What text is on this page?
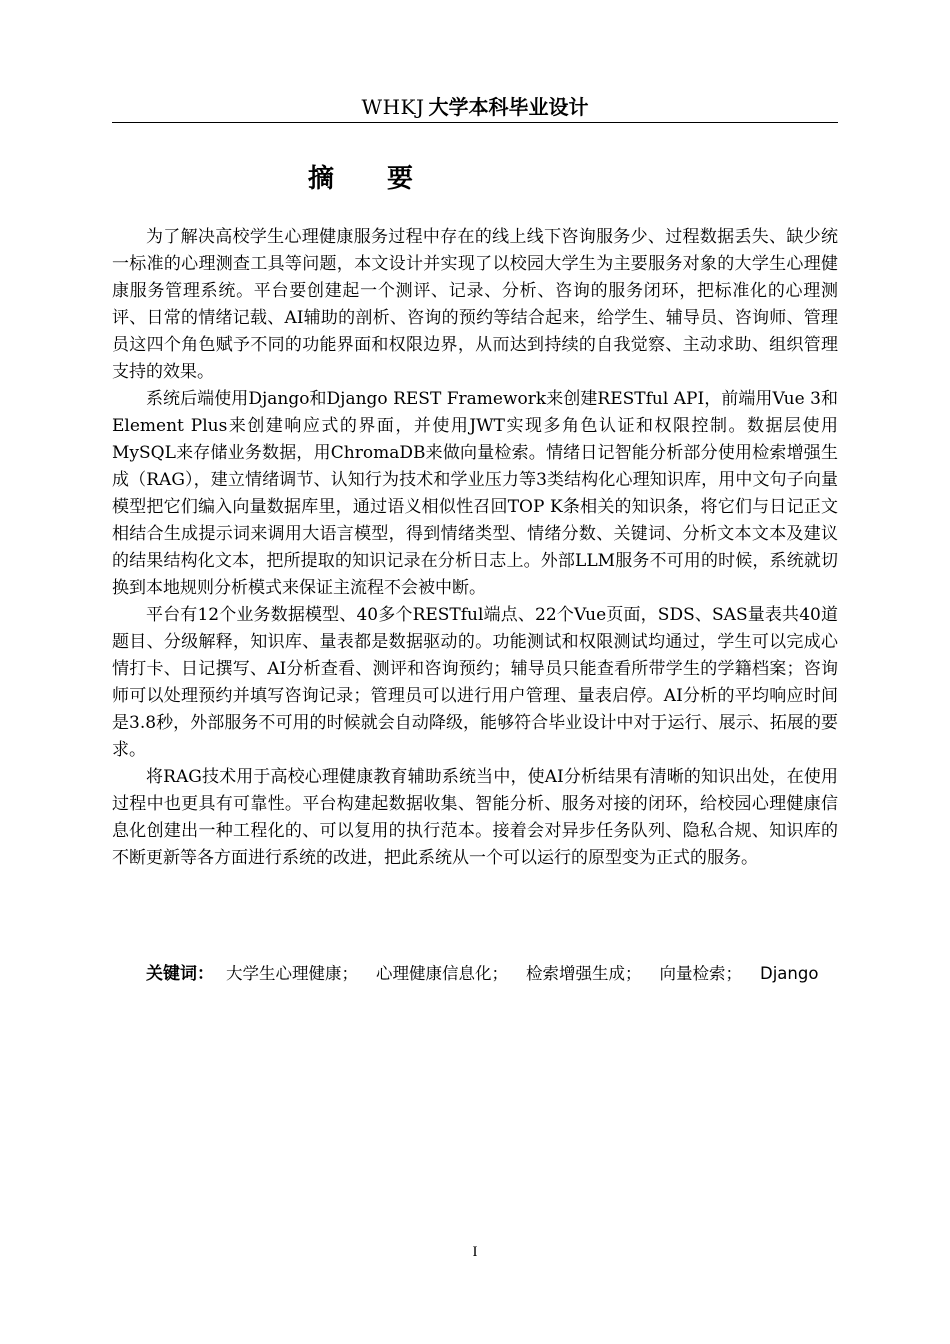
WHKJ 大学本科毕业设计
摘 要

为了解决高校学生心理健康服务过程中存在的线上线下咨询服务少、过程数据丢失、缺少统一标准的心理测查工具等问题，本文设计并实现了以校园大学生为主要服务对象的大学生心理健康服务管理系统。平台要创建起一个测评、记录、分析、咨询的服务闭环，把标准化的心理测评、日常的情绪记载、AI辅助的剖析、咨询的预约等结合起来，给学生、辅导员、咨询师、管理员这四个角色赋予不同的功能界面和权限边界，从而达到持续的自我觉察、主动求助、组织管理支持的效果。

系统后端使用Django和Django REST Framework来创建RESTful API，前端用Vue 3和Element Plus来创建响应式的界面，并使用JWT实现多角色认证和权限控制。数据层使用MySQL来存储业务数据，用ChromaDB来做向量检索。情绪日记智能分析部分使用检索增强生成（RAG），建立情绪调节、认知行为技术和学业压力等3类结构化心理知识库，用中文句子向量模型把它们编入向量数据库里，通过语义相似性召回TOP K条相关的知识条，将它们与日记正文相结合生成提示词来调用大语言模型，得到情绪类型、情绪分数、关键词、分析文本文本及建议的结果结构化文本，把所提取的知识记录在分析日志上。外部LLM服务不可用的时候，系统就切换到本地规则分析模式来保证主流程不会被中断。

平台有12个业务数据模型、40多个RESTful端点、22个Vue页面，SDS、SAS量表共40道题目、分级解释，知识库、量表都是数据驱动的。功能测试和权限测试均通过，学生可以完成心情打卡、日记撰写、AI分析查看、测评和咨询预约；辅导员只能查看所带学生的学籍档案；咨询师可以处理预约并填写咨询记录；管理员可以进行用户管理、量表启停。AI分析的平均响应时间是3.8秒，外部服务不可用的时候就会自动降级，能够符合毕业设计中对于运行、展示、拓展的要求。

将RAG技术用于高校心理健康教育辅助系统当中，使AI分析结果有清晰的知识出处，在使用过程中也更具有可靠性。平台构建起数据收集、智能分析、服务对接的闭环，给校园心理健康信息化创建出一种工程化的、可以复用的执行范本。接着会对异步任务队列、隐私合规、知识库的不断更新等各方面进行系统的改进，把此系统从一个可以运行的原型变为正式的服务。

关键词： 大学生心理健康； 心理健康信息化； 检索增强生成； 向量检索； Django
I
